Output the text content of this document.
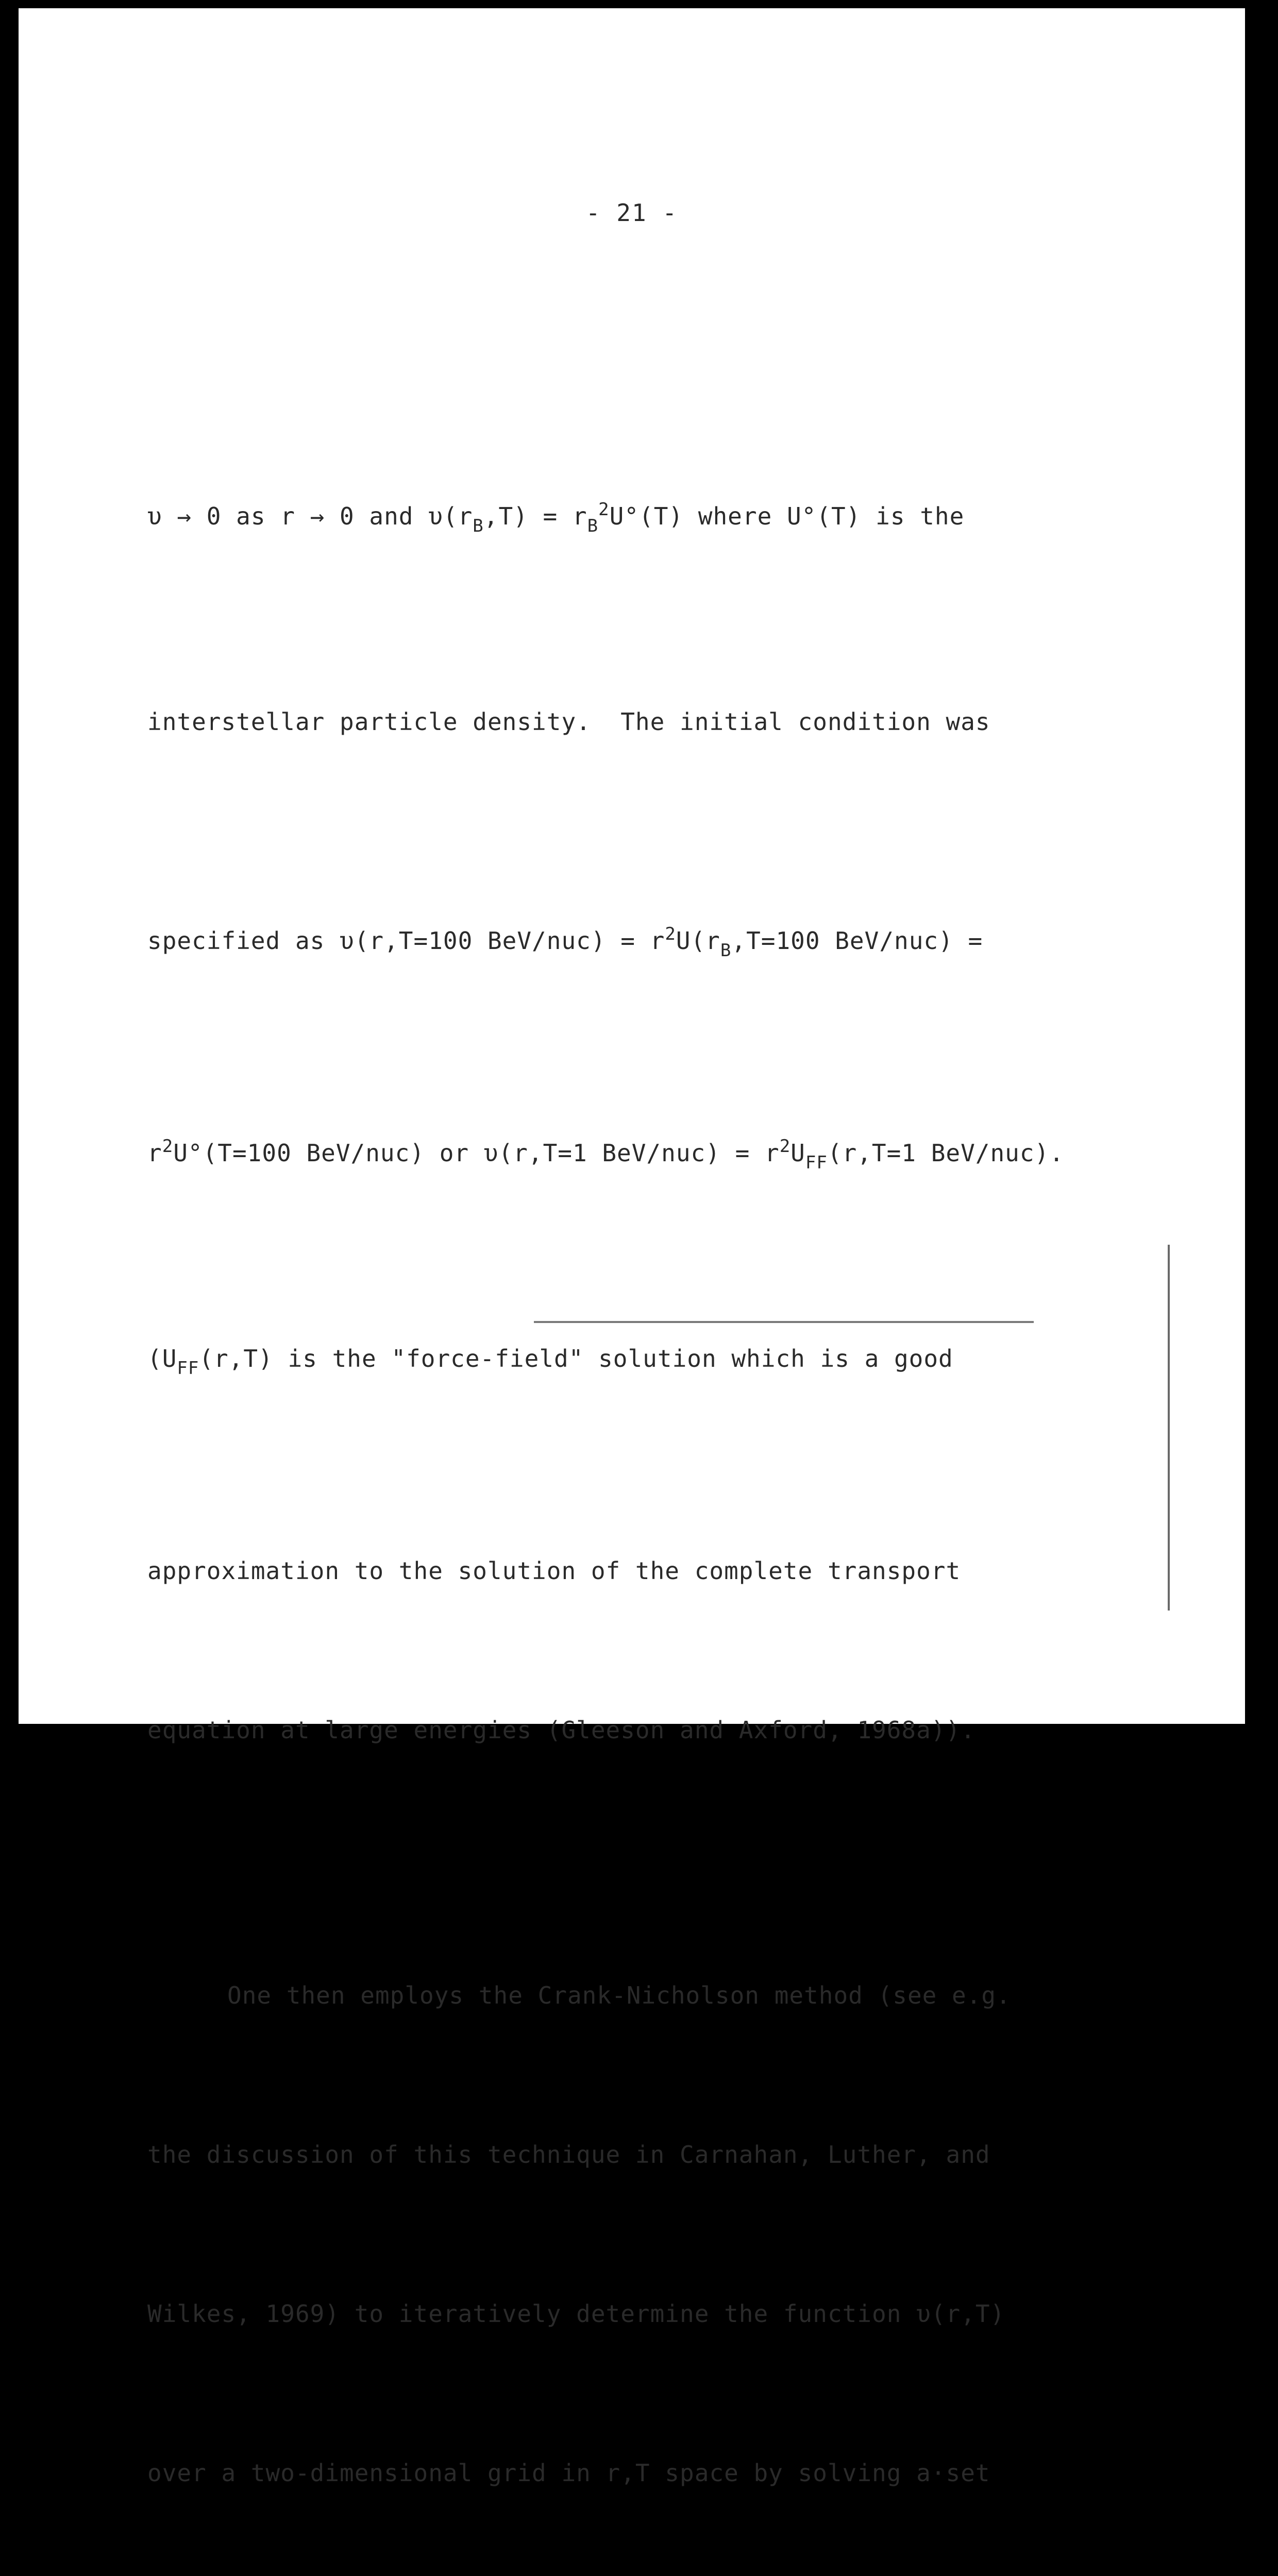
- 21 -

υ → 0 as r → 0 and $\upsilon(r_B,T) = r_B^2U^\circ(T)$ where U°(T) is the

interstellar particle density.  The initial condition was

specified as υ(r,T=100 $BeV/nuc) = r^2U(r_B,T=100$ BeV/nuc) =

$r^2U^\circ(T=100$ BeV/nuc) or υ(r,T=1 $BeV/nuc) = r^2U_{FF}(r,T=1$ BeV/nuc).

($U_{FF}(r,T)$ is the "force-field" solution which is a good

approximation to the solution of the complete transport

equation at large energies (Gleeson and Axford, 1968a)).

One then employs the Crank-Nicholson method (see e.g.

the discussion of this technique in Carnahan, Luther, and

Wilkes, 1969) to iteratively determine the function υ(r,T)

over a two-dimensional grid in r,T space by solving a·set
